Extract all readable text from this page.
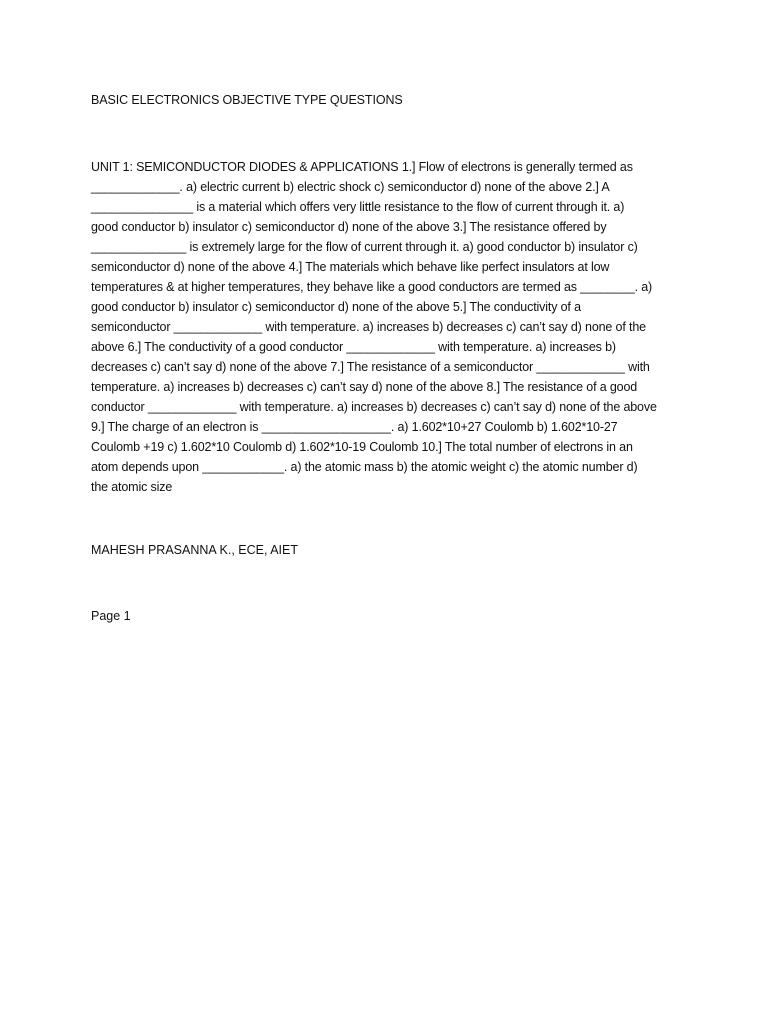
BASIC ELECTRONICS OBJECTIVE TYPE QUESTIONS
UNIT 1: SEMICONDUCTOR DIODES & APPLICATIONS 1.] Flow of electrons is generally termed as
_____________. a) electric current b) electric shock c) semiconductor d) none of the above 2.] A
_______________ is a material which offers very little resistance to the flow of current through it. a)
good conductor b) insulator c) semiconductor d) none of the above 3.] The resistance offered by
______________ is extremely large for the flow of current through it. a) good conductor b) insulator c)
semiconductor d) none of the above 4.] The materials which behave like perfect insulators at low
temperatures & at higher temperatures, they behave like a good conductors are termed as ________. a)
good conductor b) insulator c) semiconductor d) none of the above 5.] The conductivity of a
semiconductor _____________ with temperature. a) increases b) decreases c) can’t say d) none of the
above 6.] The conductivity of a good conductor _____________ with temperature. a) increases b)
decreases c) can’t say d) none of the above 7.] The resistance of a semiconductor _____________ with
temperature. a) increases b) decreases c) can’t say d) none of the above 8.] The resistance of a good
conductor _____________ with temperature. a) increases b) decreases c) can’t say d) none of the above
9.] The charge of an electron is ___________________. a) 1.602*10+27 Coulomb b) 1.602*10-27
Coulomb +19 c) 1.602*10 Coulomb d) 1.602*10-19 Coulomb 10.] The total number of electrons in an
atom depends upon ____________. a) the atomic mass b) the atomic weight c) the atomic number d)
the atomic size
MAHESH PRASANNA K., ECE, AIET
Page 1
